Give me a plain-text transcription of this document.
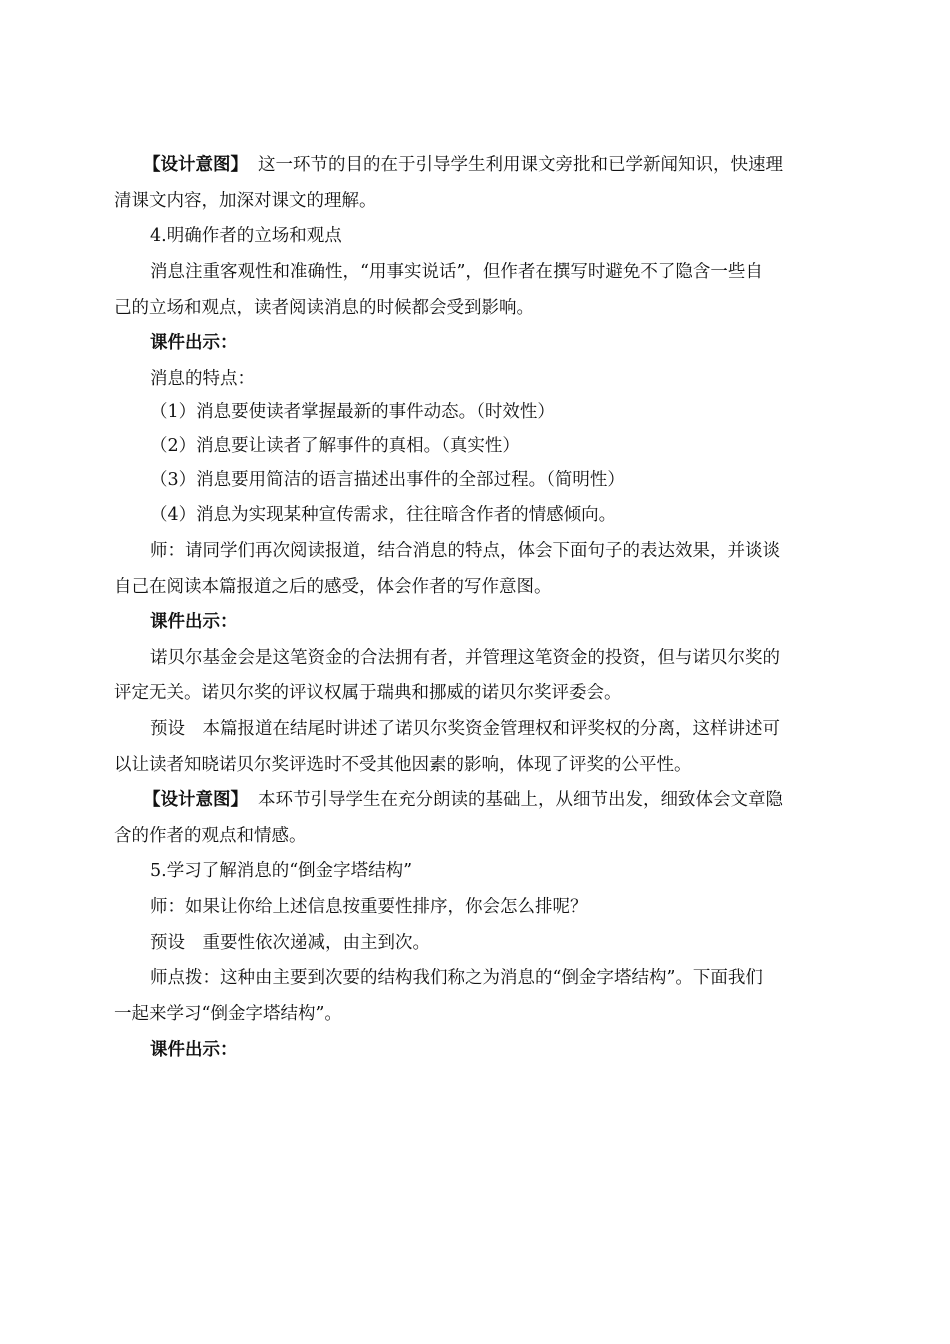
【设计意图】 这一环节的目的在于引导学生利用课文旁批和已学新闻知识，快速理
清课文内容，加深对课文的理解。
4.明确作者的立场和观点
消息注重客观性和准确性，“用事实说话”，但作者在撰写时避免不了隐含一些自
己的立场和观点，读者阅读消息的时候都会受到影响。
课件出示：
消息的特点：
（1）消息要使读者掌握最新的事件动态。（时效性）
（2）消息要让读者了解事件的真相。（真实性）
（3）消息要用简洁的语言描述出事件的全部过程。（简明性）
（4）消息为实现某种宣传需求，往往暗含作者的情感倾向。
师：请同学们再次阅读报道，结合消息的特点，体会下面句子的表达效果，并谈谈
自己在阅读本篇报道之后的感受，体会作者的写作意图。
课件出示：
诺贝尔基金会是这笔资金的合法拥有者，并管理这笔资金的投资，但与诺贝尔奖的
评定无关。诺贝尔奖的评议权属于瑞典和挪威的诺贝尔奖评委会。
预设　本篇报道在结尾时讲述了诺贝尔奖资金管理权和评奖权的分离，这样讲述可
以让读者知晓诺贝尔奖评选时不受其他因素的影响，体现了评奖的公平性。
【设计意图】 本环节引导学生在充分朗读的基础上，从细节出发，细致体会文章隐
含的作者的观点和情感。
5.学习了解消息的“倒金字塔结构”
师：如果让你给上述信息按重要性排序，你会怎么排呢？
预设　重要性依次递减，由主到次。
师点拨：这种由主要到次要的结构我们称之为消息的“倒金字塔结构”。下面我们
一起来学习“倒金字塔结构”。
课件出示：
